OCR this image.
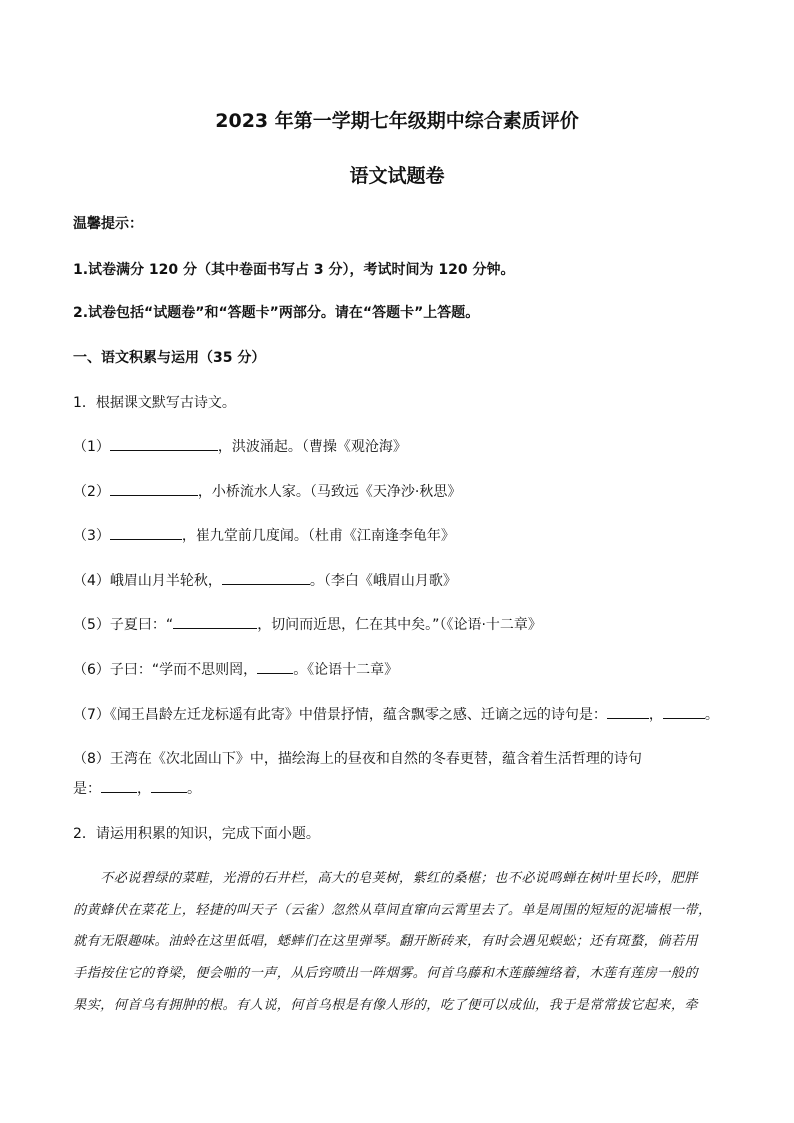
2023 年第一学期七年级期中综合素质评价
语文试题卷
温馨提示：
1.试卷满分 120 分（其中卷面书写占 3 分），考试时间为 120 分钟。
2.试卷包括“试题卷”和“答题卡”两部分。请在“答题卡”上答题。
一、语文积累与运用（35 分）
1．根据课文默写古诗文。
（1）	，洪波涌起。（曹操《观沧海》
（2）	，小桥流水人家。（马致远《天净沙·秋思》
（3）	，崔九堂前几度闻。（杜甫《江南逢李龟年》
（4）峨眉山月半轮秋，	。（李白《峨眉山月歌》
（5）子夏曰：“	，切问而近思，仁在其中矣。”（《论语·十二章》
（6）子曰：“学而不思则罔，	。《论语十二章》
（7）《闻王昌龄左迁龙标遥有此寄》中借景抒情，蕴含飘零之感、迁谪之远的诗句是：	，	。
（8）王湾在《次北固山下》中，描绘海上的昼夜和自然的冬春更替，蕴含着生活哲理的诗句
是：	，	。
2．请运用积累的知识，完成下面小题。
不必说碧绿的菜畦，光滑的石井栏，高大的皂荚树，紫红的桑椹；也不必说鸣蝉在树叶里长吟，肥胖
的黄蜂伏在菜花上，轻捷的叫天子（云雀）忽然从草间直窜向云霄里去了。单是周围的短短的泥墙根一带，
就有无限趣味。油蛉在这里低唱，蟋蟀们在这里弹琴。翻开断砖来，有时会遇见蜈蚣；还有斑蝥，倘若用
手指按住它的脊梁，便会啪的一声，从后窍喷出一阵烟雾。何首乌藤和木莲藤缠络着，木莲有莲房一般的
果实，何首乌有拥肿的根。有人说，何首乌根是有像人形的，吃了便可以成仙，我于是常常拔它起来，牵
